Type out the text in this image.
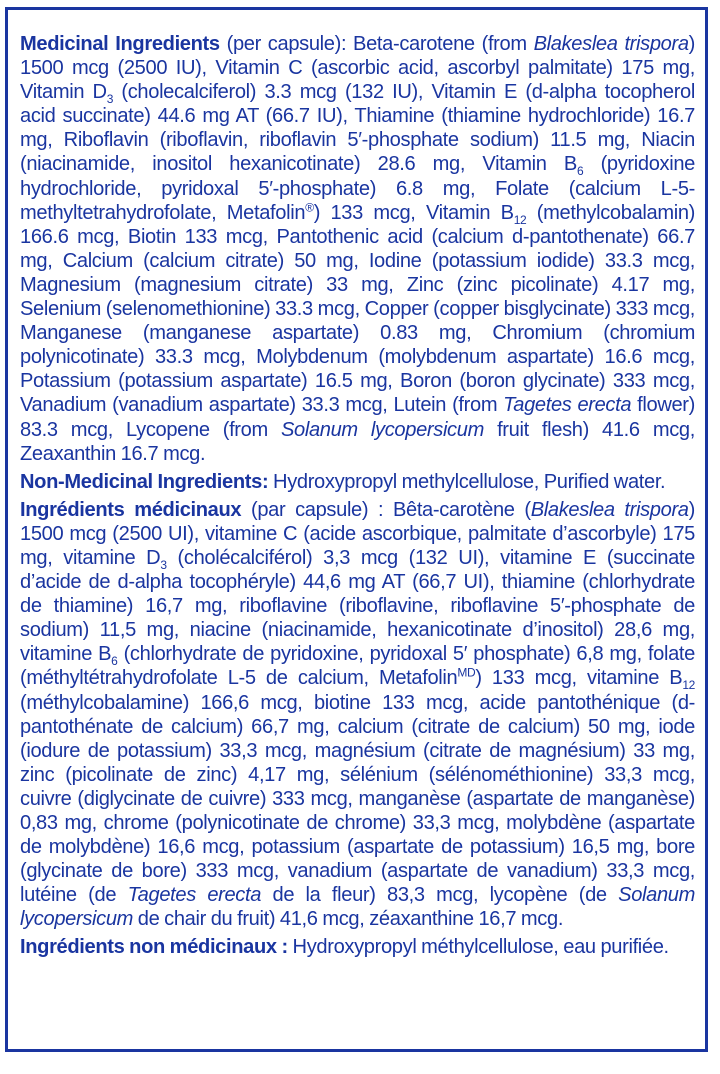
Medicinal Ingredients (per capsule): Beta-carotene (from Blakeslea trispora) 1500 mcg (2500 IU), Vitamin C (ascorbic acid, ascorbyl palmitate) 175 mg, Vitamin $D_3$ (cholecalciferol) 3.3 mcg (132 IU), Vitamin E (d-alpha tocopherol acid succinate) 44.6 mg AT (66.7 IU), Thiamine (thiamine hydrochloride) 16.7 mg, Riboflavin (riboflavin, riboflavin 5′-phosphate sodium) 11.5 mg, Niacin (niacinamide, inositol hexanicotinate) 28.6 mg, Vitamin $B_6$ (pyridoxine hydrochloride, pyridoxal 5′-phosphate) 6.8 mg, Folate (calcium L-5-methyltetrahydrofolate, Metafolin®) 133 mcg, Vitamin $B_{12}$ (methylcobalamin) 166.6 mcg, Biotin 133 mcg, Pantothenic acid (calcium d-pantothenate) 66.7 mg, Calcium (calcium citrate) 50 mg, Iodine (potassium iodide) 33.3 mcg, Magnesium (magnesium citrate) 33 mg, Zinc (zinc picolinate) 4.17 mg, Selenium (selenomethionine) 33.3 mcg, Copper (copper bisglycinate) 333 mcg, Manganese (manganese aspartate) 0.83 mg, Chromium (chromium polynicotinate) 33.3 mcg, Molybdenum (molybdenum aspartate) 16.6 mcg, Potassium (potassium aspartate) 16.5 mg, Boron (boron glycinate) 333 mcg, Vanadium (vanadium aspartate) 33.3 mcg, Lutein (from Tagetes erecta flower) 83.3 mcg, Lycopene (from Solanum lycopersicum fruit flesh) 41.6 mcg, Zeaxanthin 16.7 mcg.

Non-Medicinal Ingredients: Hydroxypropyl methylcellulose, Purified water.

Ingrédients médicinaux (par capsule) : Bêta-carotène (Blakeslea trispora) 1500 mcg (2500 UI), vitamine C (acide ascorbique, palmitate d’ascorbyle) 175 mg, vitamine $D_3$ (cholécalciférol) 3,3 mcg (132 UI), vitamine E (succinate d’acide de d-alpha tocophéryle) 44,6 mg AT (66,7 UI), thiamine (chlorhydrate de thiamine) 16,7 mg, riboflavine (riboflavine, riboflavine 5′-phosphate de sodium) 11,5 mg, niacine (niacinamide, hexanicotinate d’inositol) 28,6 mg, vitamine $B_6$ (chlorhydrate de pyridoxine, pyridoxal 5′ phosphate) 6,8 mg, folate (méthyltétrahydrofolate L-5 de calcium, Metafolin$^{MD}$) 133 mcg, vitamine $B_{12}$ (méthylcobalamine) 166,6 mcg, biotine 133 mcg, acide pantothénique (d-pantothénate de calcium) 66,7 mg, calcium (citrate de calcium) 50 mg, iode (iodure de potassium) 33,3 mcg, magnésium (citrate de magnésium) 33 mg, zinc (picolinate de zinc) 4,17 mg, sélénium (sélénométhionine) 33,3 mcg, cuivre (diglycinate de cuivre) 333 mcg, manganèse (aspartate de manganèse) 0,83 mg, chrome (polynicotinate de chrome) 33,3 mcg, molybdène (aspartate de molybdène) 16,6 mcg, potassium (aspartate de potassium) 16,5 mg, bore (glycinate de bore) 333 mcg, vanadium (aspartate de vanadium) 33,3 mcg, lutéine (de Tagetes erecta de la fleur) 83,3 mcg, lycopène (de Solanum lycopersicum de chair du fruit) 41,6 mcg, zéaxanthine 16,7 mcg.

Ingrédients non médicinaux : Hydroxypropyl méthylcellulose, eau purifiée.
